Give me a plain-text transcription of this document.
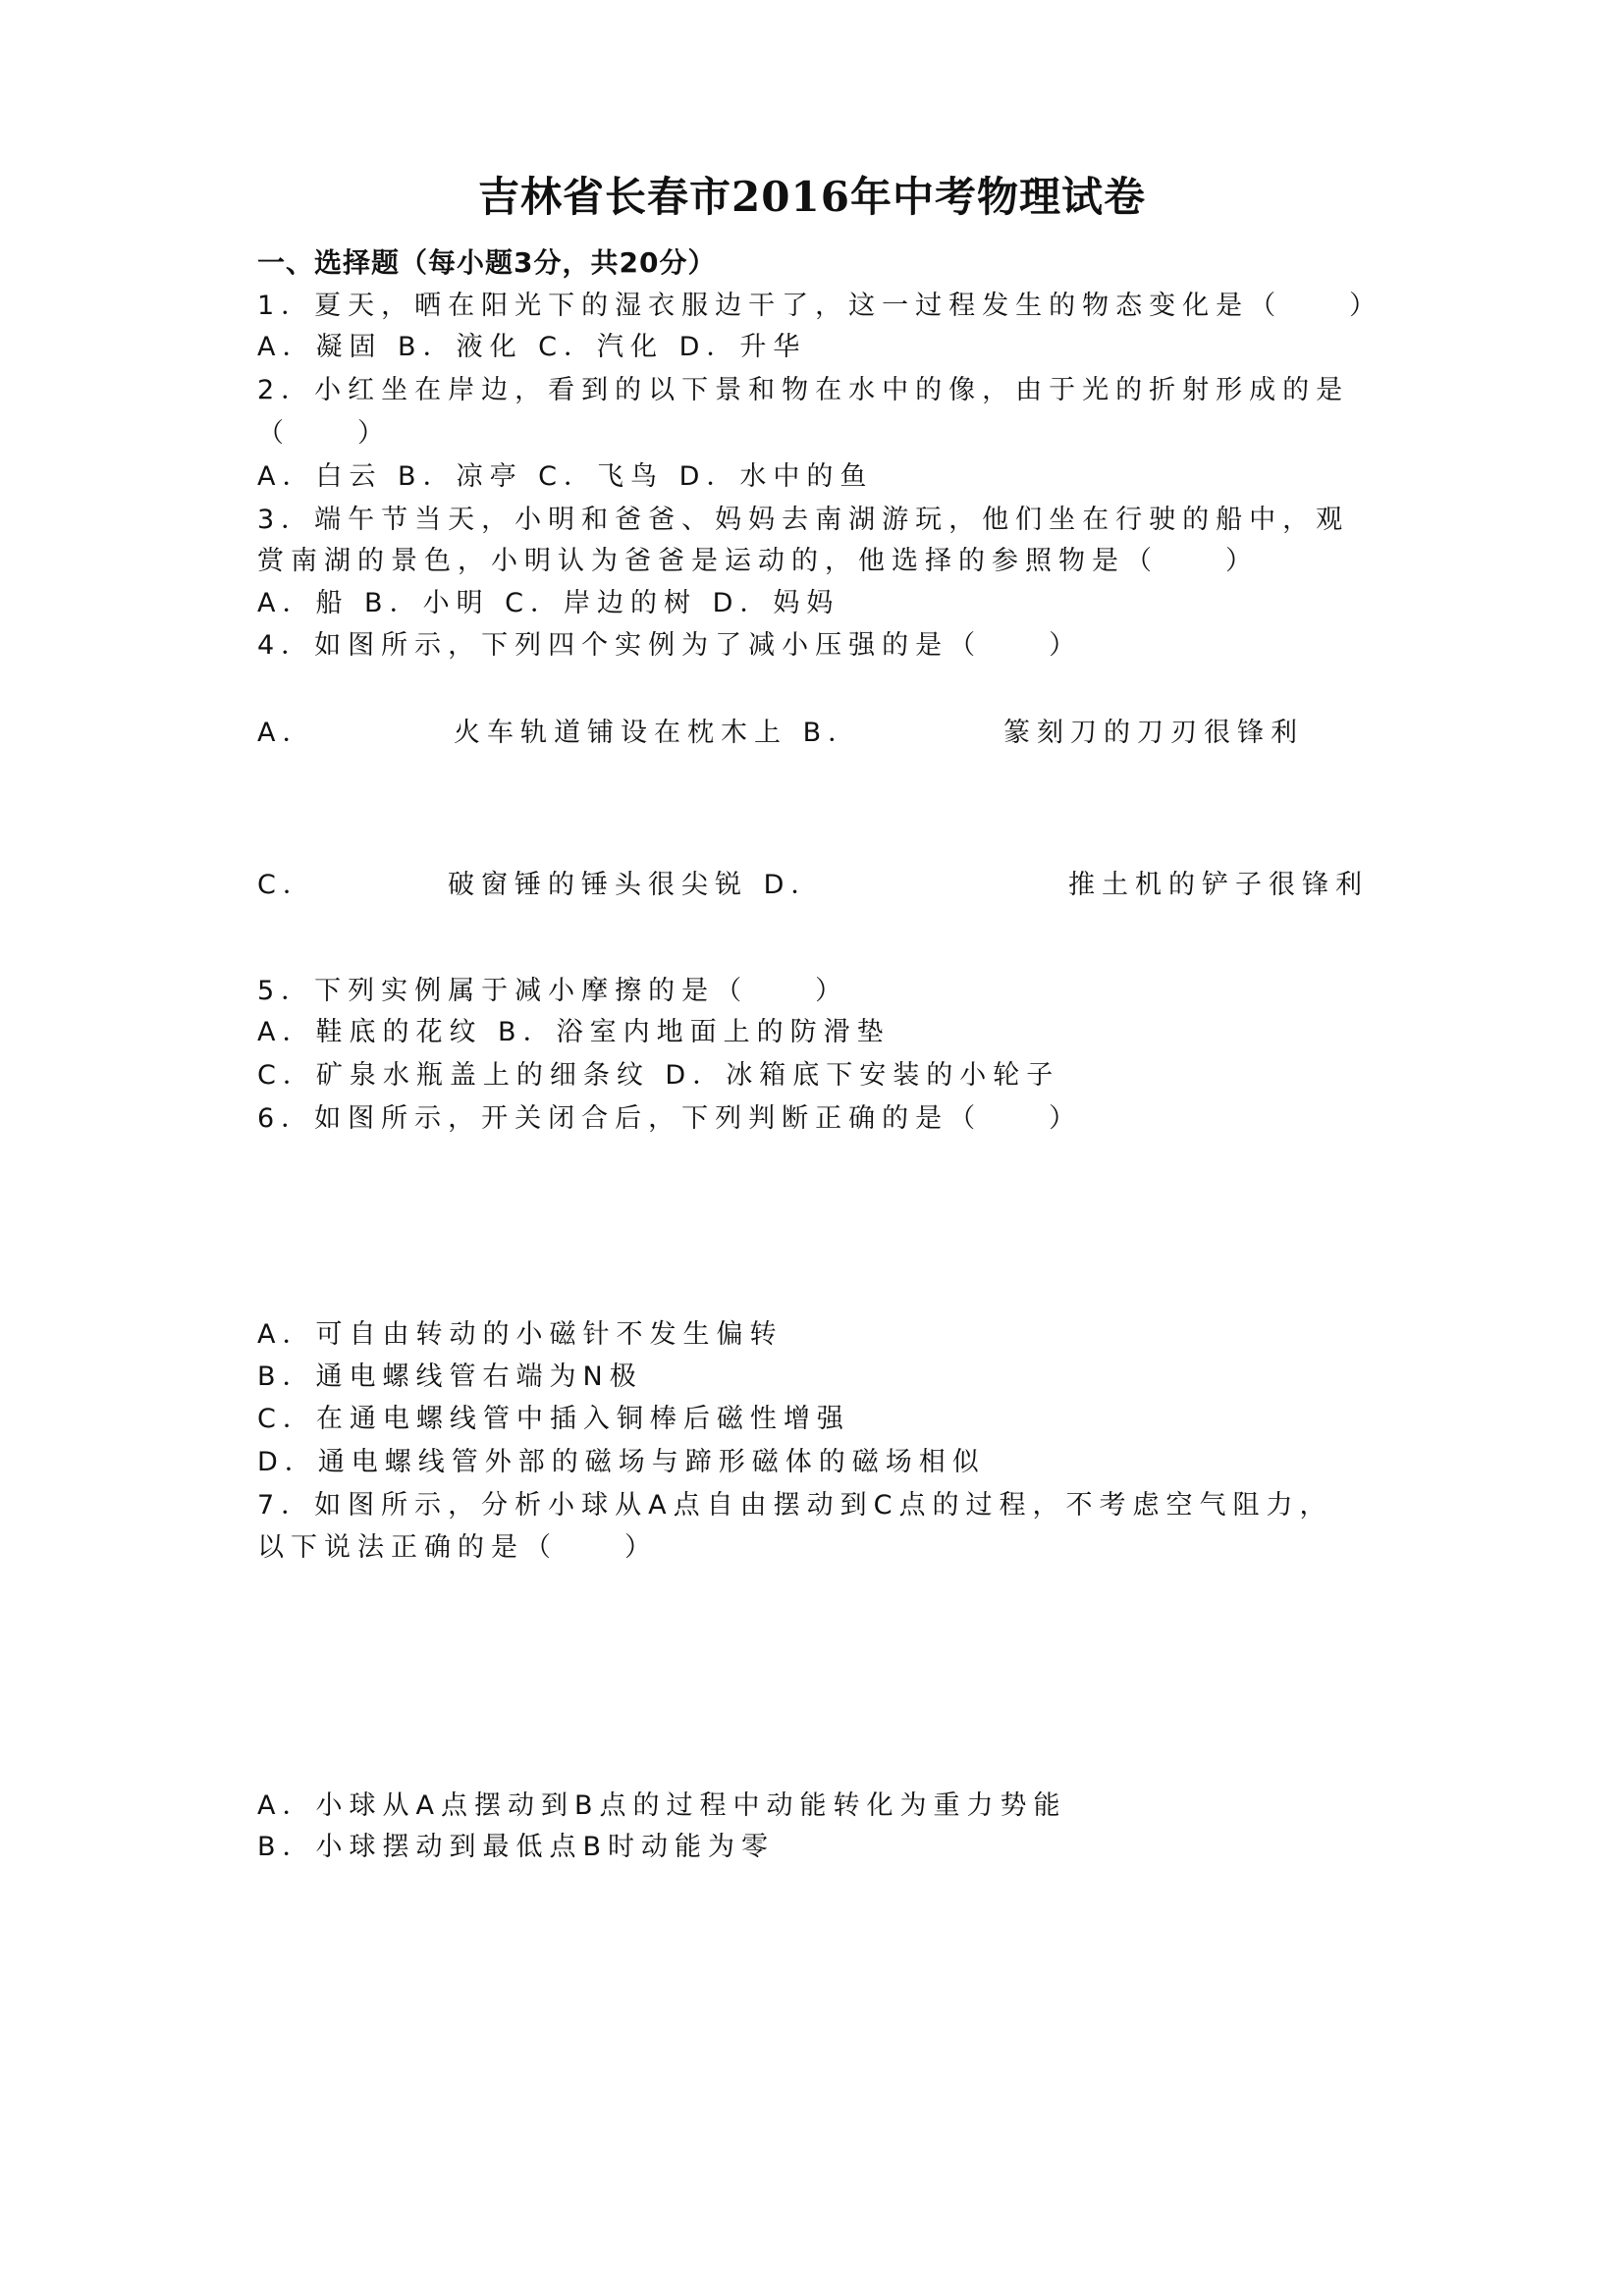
吉林省长春市2016年中考物理试卷
一、选择题（每小题3分，共20分）
1．夏天，晒在阳光下的湿衣服边干了，这一过程发生的物态变化是（　　）
A．凝固 B．液化 C．汽化 D．升华
2．小红坐在岸边，看到的以下景和物在水中的像，由于光的折射形成的是
（　　）
A．白云 B．凉亭 C．飞鸟 D．水中的鱼
3．端午节当天，小明和爸爸、妈妈去南湖游玩，他们坐在行驶的船中，观
赏南湖的景色，小明认为爸爸是运动的，他选择的参照物是（　　）
A．船 B．小明 C．岸边的树 D．妈妈
4．如图所示，下列四个实例为了减小压强的是（　　）
A．	火车轨道铺设在枕木上 B．	篆刻刀的刀刃很锋利
C．	破窗锤的锤头很尖锐 D．	推土机的铲子很锋利
5．下列实例属于减小摩擦的是（　　）
A．鞋底的花纹 B．浴室内地面上的防滑垫
C．矿泉水瓶盖上的细条纹 D．冰箱底下安装的小轮子
6．如图所示，开关闭合后，下列判断正确的是（　　）
A．可自由转动的小磁针不发生偏转
B．通电螺线管右端为N极
C．在通电螺线管中插入铜棒后磁性增强
D．通电螺线管外部的磁场与蹄形磁体的磁场相似
7．如图所示，分析小球从A点自由摆动到C点的过程，不考虑空气阻力，
以下说法正确的是（　　）
A．小球从A点摆动到B点的过程中动能转化为重力势能
B．小球摆动到最低点B时动能为零
